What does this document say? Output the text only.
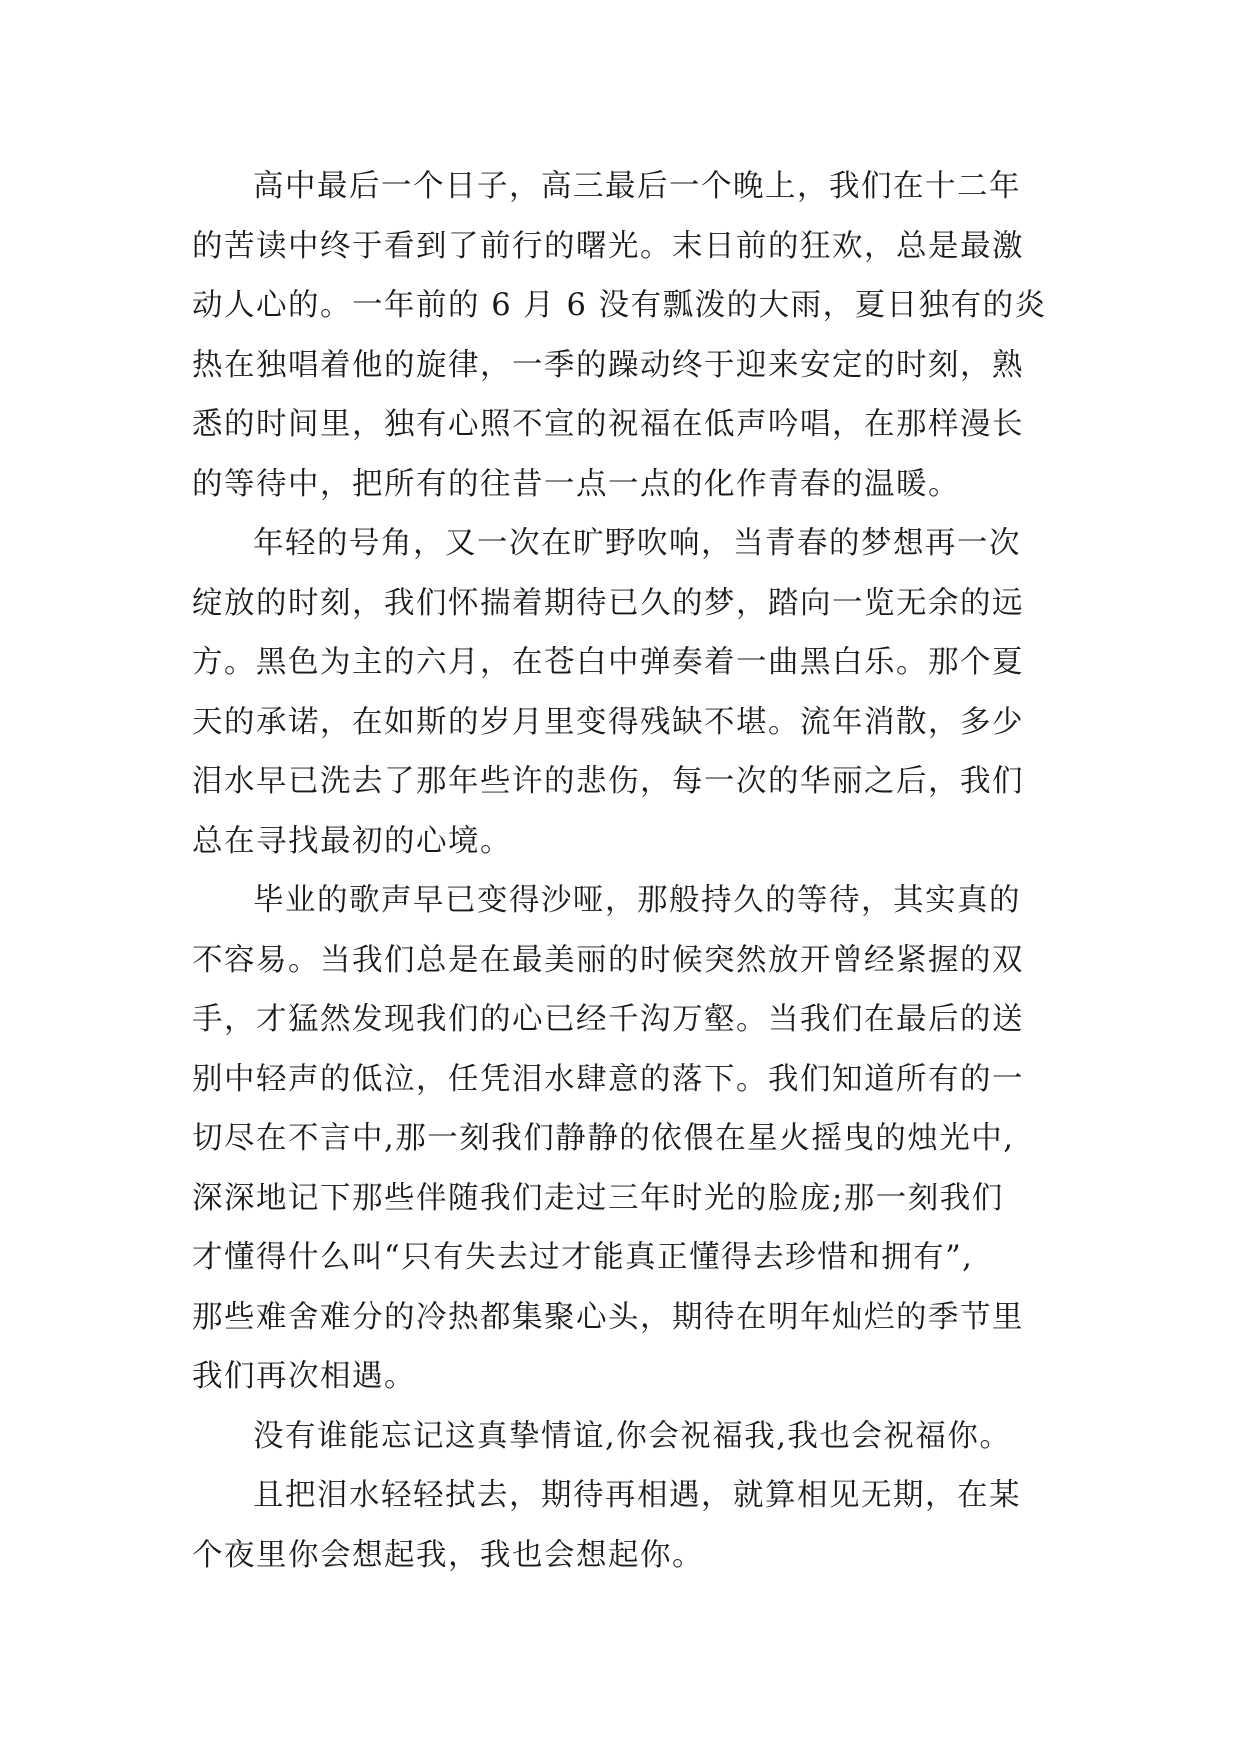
高中最后一个日子，高三最后一个晚上，我们在十二年
的苦读中终于看到了前行的曙光。末日前的狂欢，总是最激
动人心的。一年前的 6 月 6 没有瓢泼的大雨，夏日独有的炎
热在独唱着他的旋律，一季的躁动终于迎来安定的时刻，熟
悉的时间里，独有心照不宣的祝福在低声吟唱，在那样漫长
的等待中，把所有的往昔一点一点的化作青春的温暖。

年轻的号角，又一次在旷野吹响，当青春的梦想再一次
绽放的时刻，我们怀揣着期待已久的梦，踏向一览无余的远
方。黑色为主的六月，在苍白中弹奏着一曲黑白乐。那个夏
天的承诺，在如斯的岁月里变得残缺不堪。流年消散，多少
泪水早已洗去了那年些许的悲伤，每一次的华丽之后，我们
总在寻找最初的心境。

毕业的歌声早已变得沙哑，那般持久的等待，其实真的
不容易。当我们总是在最美丽的时候突然放开曾经紧握的双
手，才猛然发现我们的心已经千沟万壑。当我们在最后的送
别中轻声的低泣，任凭泪水肆意的落下。我们知道所有的一
切尽在不言中,那一刻我们静静的依偎在星火摇曳的烛光中,
深深地记下那些伴随我们走过三年时光的脸庞;那一刻我们
才懂得什么叫“只有失去过才能真正懂得去珍惜和拥有”,
那些难舍难分的冷热都集聚心头，期待在明年灿烂的季节里
我们再次相遇。

没有谁能忘记这真挚情谊,你会祝福我,我也会祝福你。

且把泪水轻轻拭去，期待再相遇，就算相见无期，在某
个夜里你会想起我，我也会想起你。
